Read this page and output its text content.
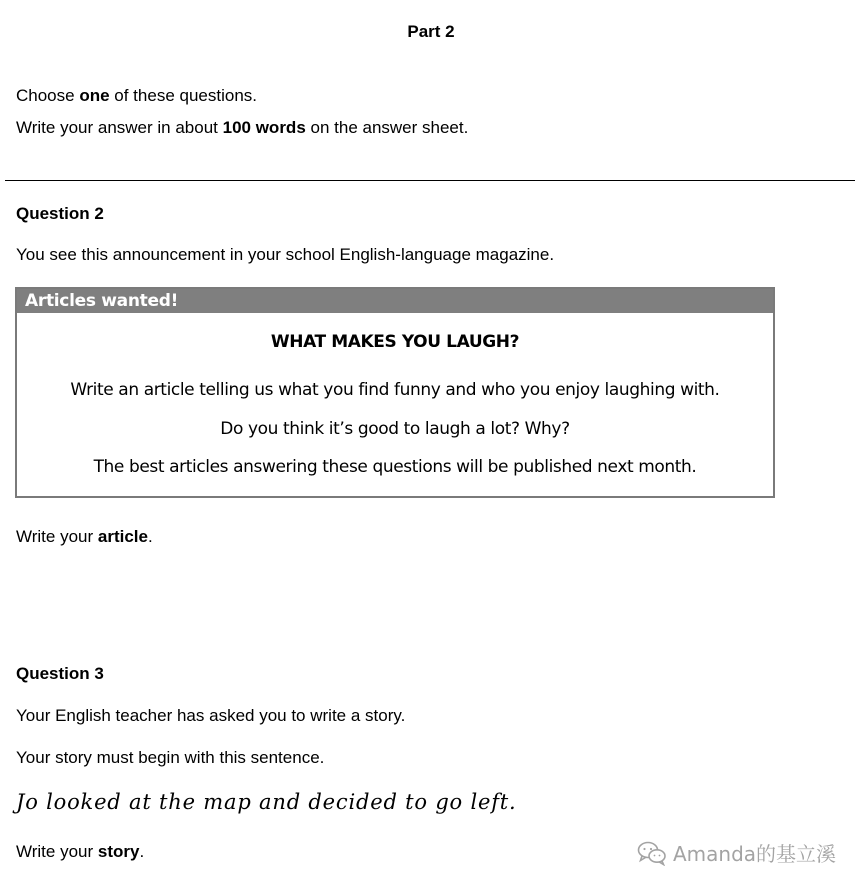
Part 2
Choose one of these questions.
Write your answer in about 100 words on the answer sheet.
Question 2
You see this announcement in your school English-language magazine.
Articles wanted!
WHAT MAKES YOU LAUGH?
Write an article telling us what you find funny and who you enjoy laughing with.
Do you think it’s good to laugh a lot? Why?
The best articles answering these questions will be published next month.
Write your article.
Question 3
Your English teacher has asked you to write a story.
Your story must begin with this sentence.
Jo looked at the map and decided to go left.
Write your story.	Amanda的基立溪
